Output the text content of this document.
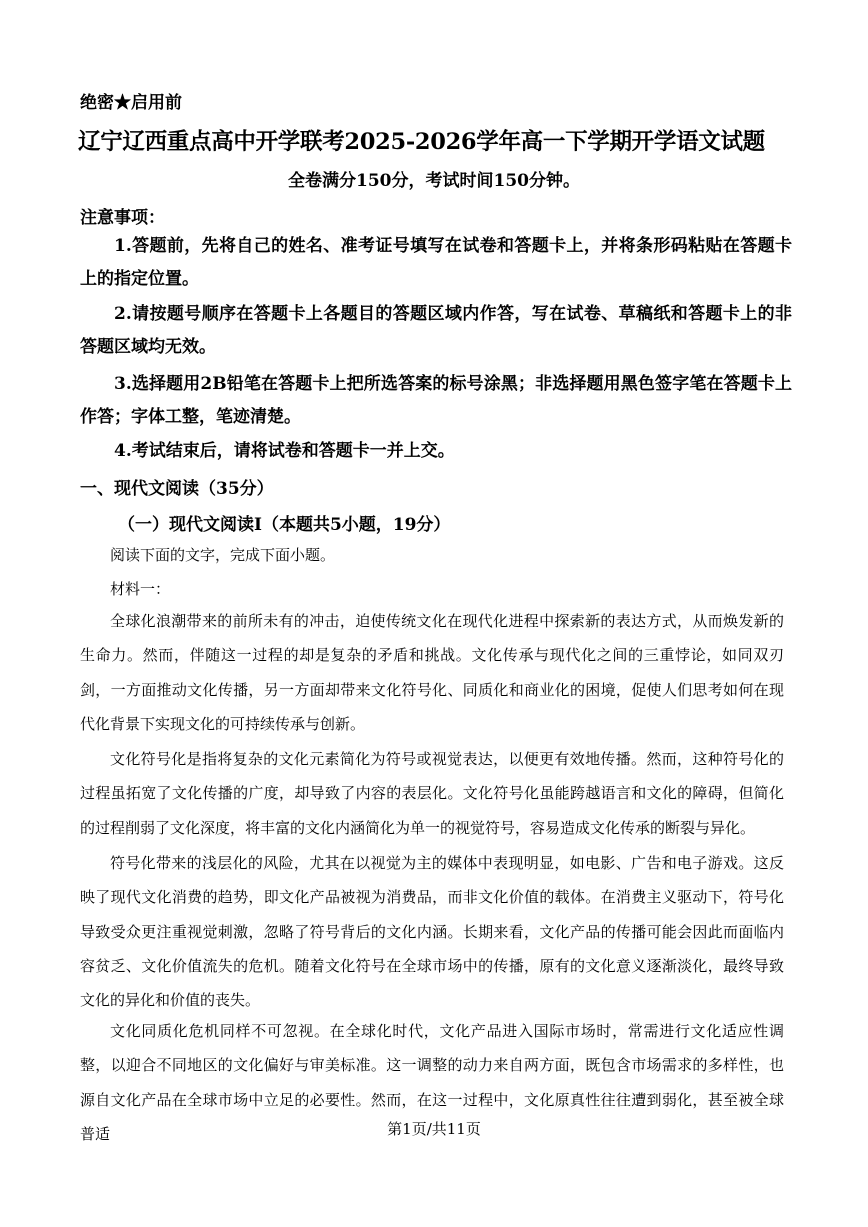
绝密★启用前
辽宁辽西重点高中开学联考2025-2026学年高一下学期开学语文试题
全卷满分150分，考试时间150分钟。
注意事项：
1.答题前，先将自己的姓名、准考证号填写在试卷和答题卡上，并将条形码粘贴在答题卡上的指定位置。
2.请按题号顺序在答题卡上各题目的答题区域内作答，写在试卷、草稿纸和答题卡上的非答题区域均无效。
3.选择题用2B铅笔在答题卡上把所选答案的标号涂黑；非选择题用黑色签字笔在答题卡上作答；字体工整，笔迹清楚。
4.考试结束后，请将试卷和答题卡一并上交。
一、现代文阅读（35分）
（一）现代文阅读Ⅰ（本题共5小题，19分）
阅读下面的文字，完成下面小题。
材料一：
全球化浪潮带来的前所未有的冲击，迫使传统文化在现代化进程中探索新的表达方式，从而焕发新的生命力。然而，伴随这一过程的却是复杂的矛盾和挑战。文化传承与现代化之间的三重悖论，如同双刃剑，一方面推动文化传播，另一方面却带来文化符号化、同质化和商业化的困境，促使人们思考如何在现代化背景下实现文化的可持续传承与创新。
文化符号化是指将复杂的文化元素简化为符号或视觉表达，以便更有效地传播。然而，这种符号化的过程虽拓宽了文化传播的广度，却导致了内容的表层化。文化符号化虽能跨越语言和文化的障碍，但简化的过程削弱了文化深度，将丰富的文化内涵简化为单一的视觉符号，容易造成文化传承的断裂与异化。
符号化带来的浅层化的风险，尤其在以视觉为主的媒体中表现明显，如电影、广告和电子游戏。这反映了现代文化消费的趋势，即文化产品被视为消费品，而非文化价值的载体。在消费主义驱动下，符号化导致受众更注重视觉刺激，忽略了符号背后的文化内涵。长期来看，文化产品的传播可能会因此而面临内容贫乏、文化价值流失的危机。随着文化符号在全球市场中的传播，原有的文化意义逐渐淡化，最终导致文化的异化和价值的丧失。
文化同质化危机同样不可忽视。在全球化时代，文化产品进入国际市场时，常需进行文化适应性调整，以迎合不同地区的文化偏好与审美标准。这一调整的动力来自两方面，既包含市场需求的多样性，也源自文化产品在全球市场中立足的必要性。然而，在这一过程中，文化原真性往往遭到弱化，甚至被全球普适	第1页/共11页
